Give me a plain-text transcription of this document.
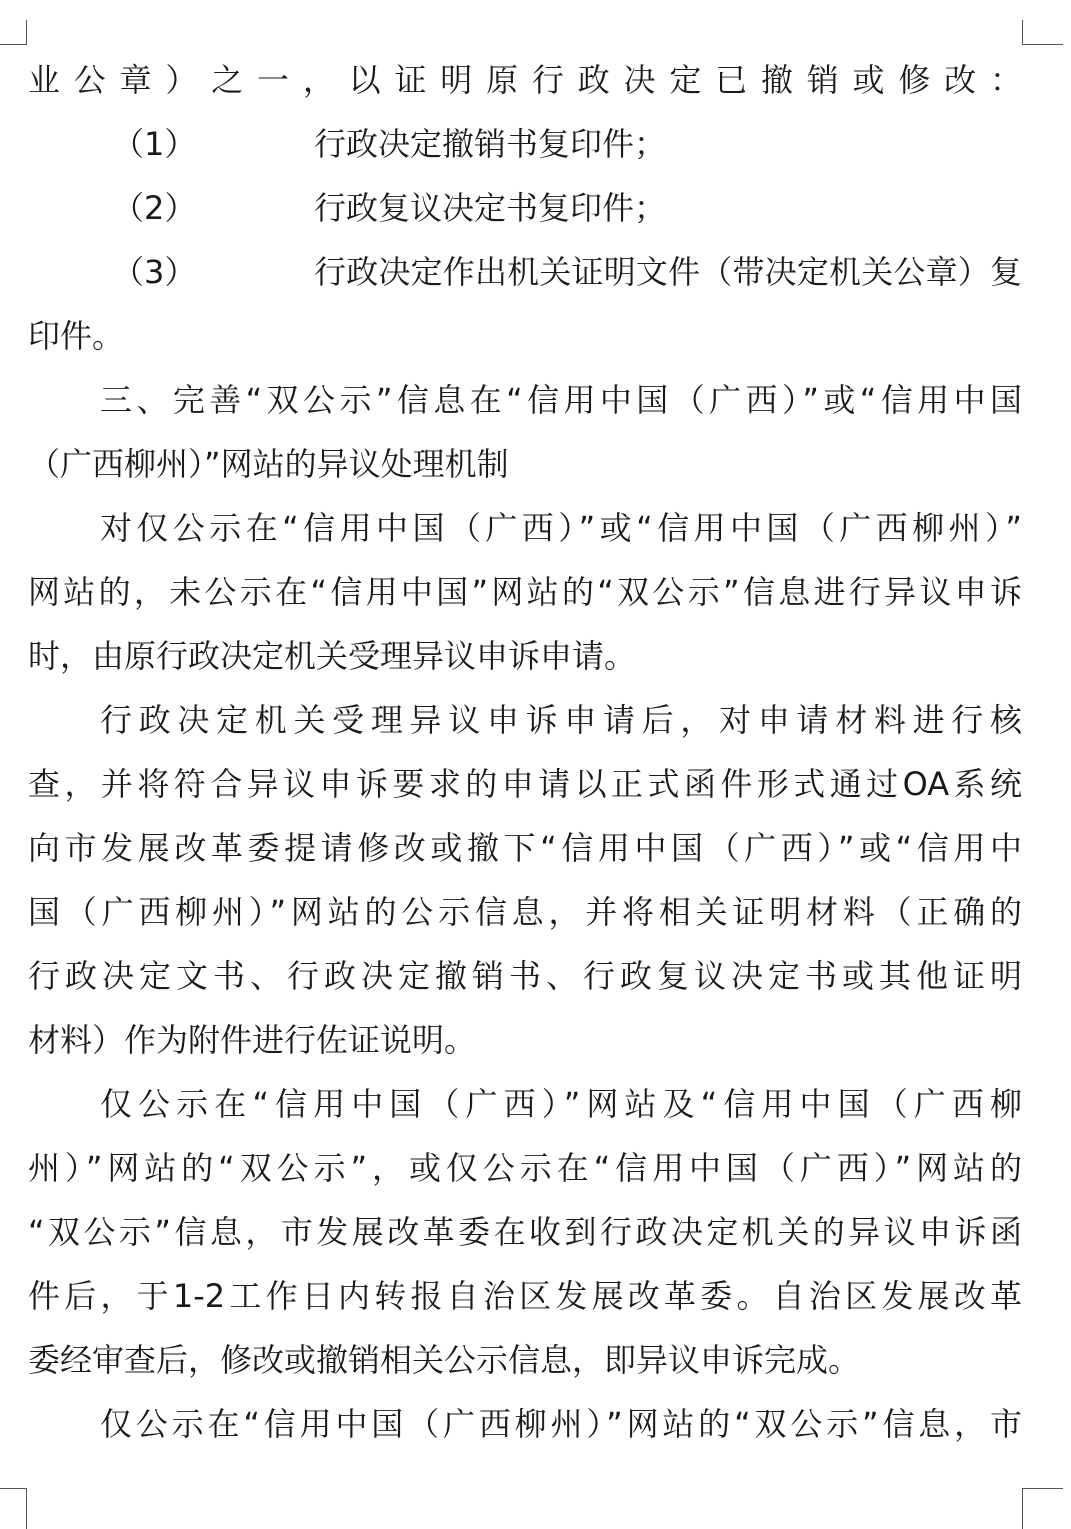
业公章）之一，以证明原行政决定已撤销或修改：
（1）	行政决定撤销书复印件；
（2）	行政复议决定书复印件；
（3）	行政决定作出机关证明文件（带决定机关公章）复
印件。
三、完善“双公示”信息在“信用中国（广西）”或“信用中国
（广西柳州）”网站的异议处理机制
对仅公示在“信用中国（广西）”或“信用中国（广西柳州）”
网站的，未公示在“信用中国”网站的“双公示”信息进行异议申诉
时，由原行政决定机关受理异议申诉申请。
行政决定机关受理异议申诉申请后，对申请材料进行核
查，并将符合异议申诉要求的申请以正式函件形式通过OA系统
向市发展改革委提请修改或撤下“信用中国（广西）”或“信用中
国（广西柳州）”网站的公示信息，并将相关证明材料（正确的
行政决定文书、行政决定撤销书、行政复议决定书或其他证明
材料）作为附件进行佐证说明。
仅公示在“信用中国（广西）”网站及“信用中国（广西柳
州）”网站的“双公示”，或仅公示在“信用中国（广西）”网站的
“双公示”信息，市发展改革委在收到行政决定机关的异议申诉函
件后，于1-2工作日内转报自治区发展改革委。自治区发展改革
委经审查后，修改或撤销相关公示信息，即异议申诉完成。
仅公示在“信用中国（广西柳州）”网站的“双公示”信息，市
